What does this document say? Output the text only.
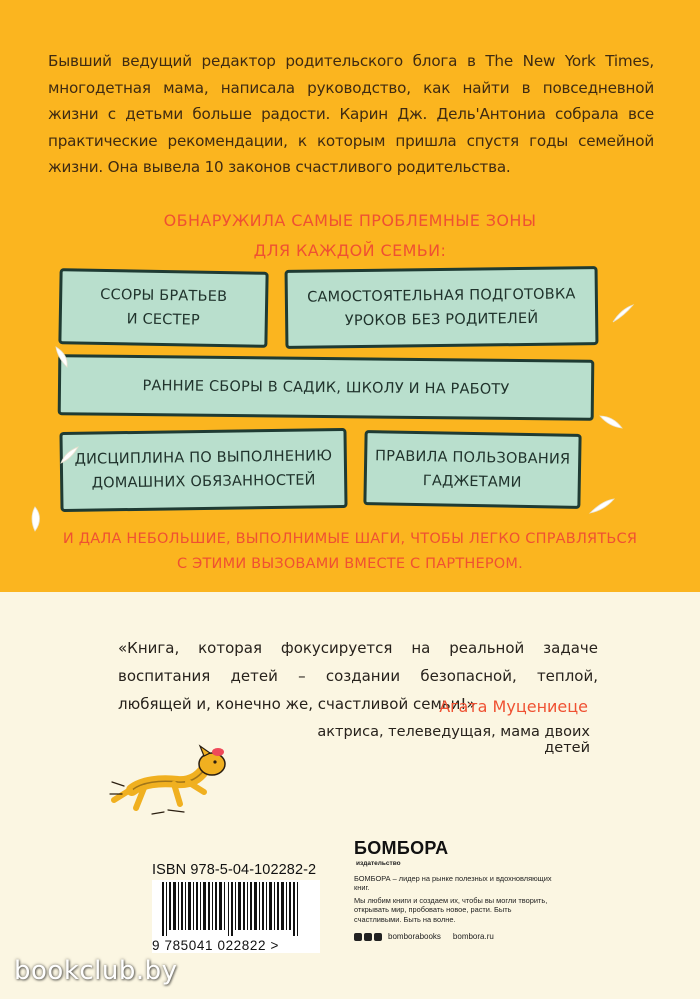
Бывший ведущий редактор родительского блога в The New York Times, многодетная мама, написала руководство, как найти в повседневной жизни с детьми больше радости. Карин Дж. Дель'Антониа собрала все практические рекомендации, к которым пришла спустя годы семейной жизни. Она вывела 10 законов счастливого родительства.
ОБНАРУЖИЛА САМЫЕ ПРОБЛЕМНЫЕ ЗОНЫ
ДЛЯ КАЖДОЙ СЕМЬИ:
ССОРЫ БРАТЬЕВ
И СЕСТЕР
САМОСТОЯТЕЛЬНАЯ ПОДГОТОВКА
УРОКОВ БЕЗ РОДИТЕЛЕЙ
РАННИЕ СБОРЫ В САДИК, ШКОЛУ И НА РАБОТУ
ДИСЦИПЛИНА ПО ВЫПОЛНЕНИЮ
ДОМАШНИХ ОБЯЗАННОСТЕЙ
ПРАВИЛА ПОЛЬЗОВАНИЯ
ГАДЖЕТАМИ
И ДАЛА НЕБОЛЬШИЕ, ВЫПОЛНИМЫЕ ШАГИ, ЧТОБЫ ЛЕГКО СПРАВЛЯТЬСЯ
С ЭТИМИ ВЫЗОВАМИ ВМЕСТЕ С ПАРТНЕРОМ.
«Книга, которая фокусируется на реальной задаче воспитания детей – создании безопасной, теплой, любящей и, конечно же, счастливой семьи!»
Агата Муцениеце
актриса, телеведущая, мама двоих детей
ISBN 978-5-04-102282-2
9 785041 022822 >
БОМБОРА
издательство

БОМБОРА – лидер на рынке полезных и вдохновляющих книг.

Мы любим книги и создаем их, чтобы вы могли творить, открывать мир, пробовать новое, расти. Быть счастливыми. Быть на волне.

bomborabooks bombora.ru
bookclub.by
